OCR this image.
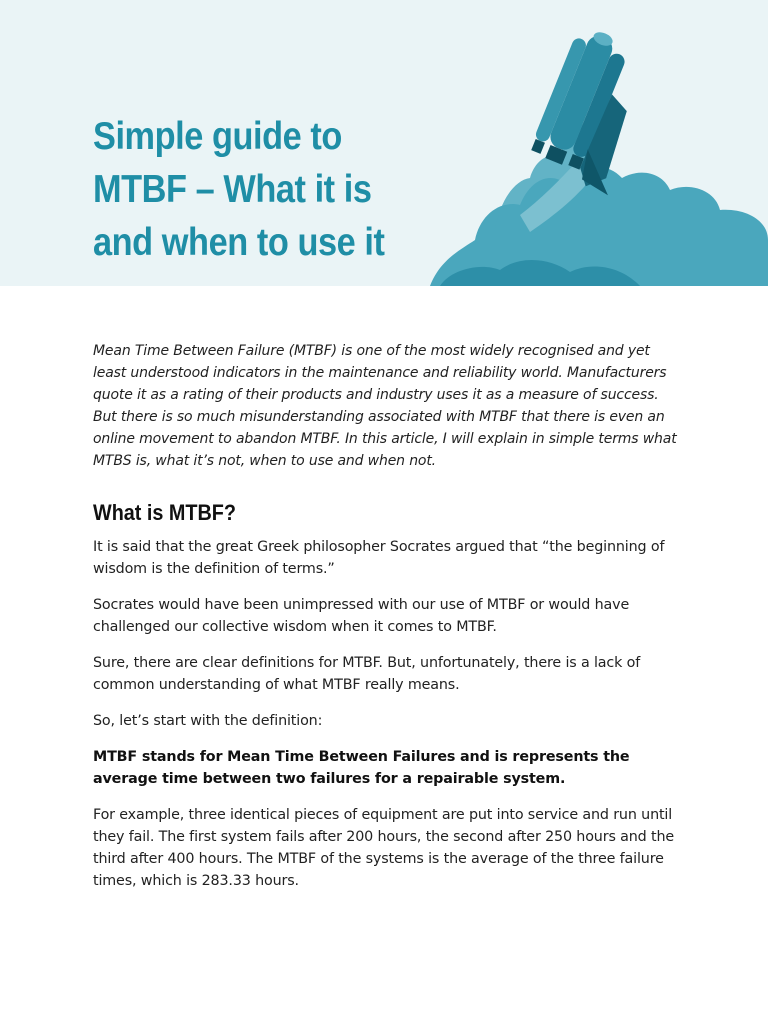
Simple guide to
MTBF – What it is
and when to use it

Mean Time Between Failure (MTBF) is one of the most widely recognised and yet least understood indicators in the maintenance and reliability world. Manufacturers quote it as a rating of their products and industry uses it as a measure of success. But there is so much misunderstanding associated with MTBF that there is even an online movement to abandon MTBF. In this article, I will explain in simple terms what MTBS is, what it’s not, when to use and when not.

What is MTBF?

It is said that the great Greek philosopher Socrates argued that “the beginning of wisdom is the definition of terms.”

Socrates would have been unimpressed with our use of MTBF or would have challenged our collective wisdom when it comes to MTBF.

Sure, there are clear definitions for MTBF. But, unfortunately, there is a lack of common understanding of what MTBF really means.

So, let’s start with the definition:

MTBF stands for Mean Time Between Failures and is represents the average time between two failures for a repairable system.

For example, three identical pieces of equipment are put into service and run until they fail. The first system fails after 200 hours, the second after 250 hours and the third after 400 hours. The MTBF of the systems is the average of the three failure times, which is 283.33 hours.
